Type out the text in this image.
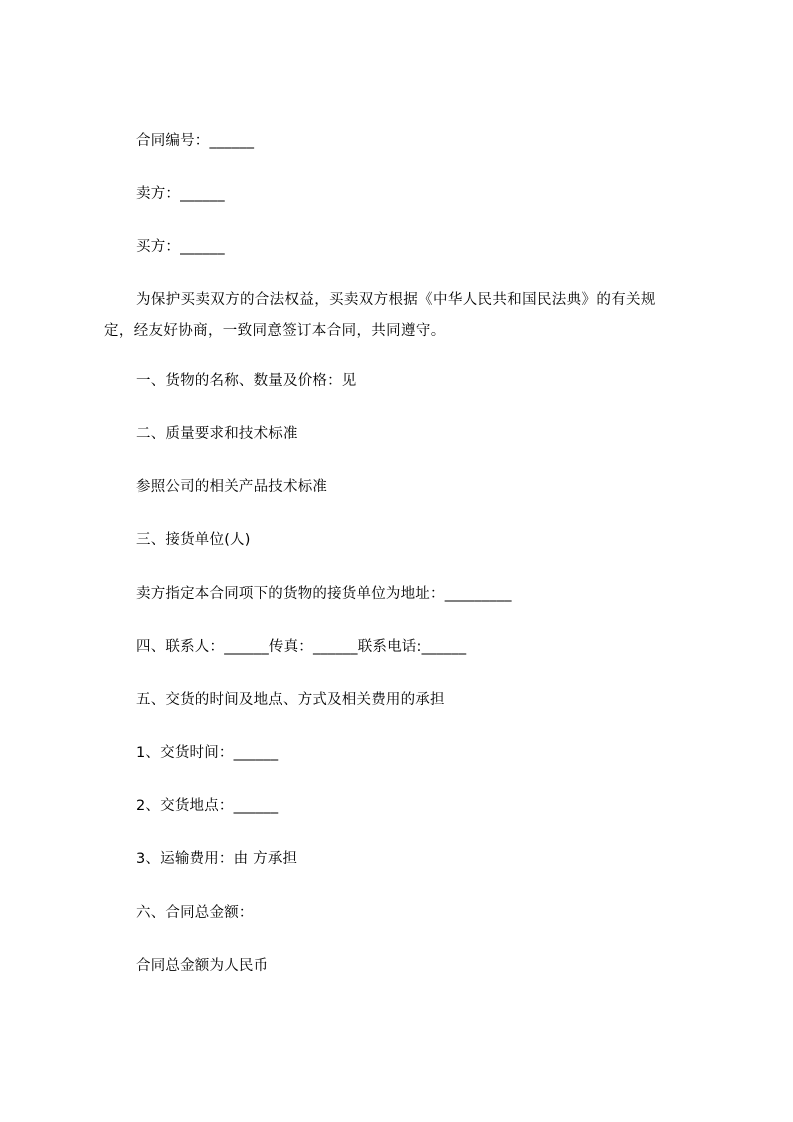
合同编号：______
卖方：______
买方：______
为保护买卖双方的合法权益，买卖双方根据《中华人民共和国民法典》的有关规
定，经友好协商，一致同意签订本合同，共同遵守。
一、货物的名称、数量及价格：见
二、质量要求和技术标准
参照公司的相关产品技术标准
三、接货单位(人)
卖方指定本合同项下的货物的接货单位为地址：_________
四、联系人：______传真：______联系电话:______
五、交货的时间及地点、方式及相关费用的承担
1、交货时间：______
2、交货地点：______
3、运输费用：由 方承担
六、合同总金额：
合同总金额为人民币
